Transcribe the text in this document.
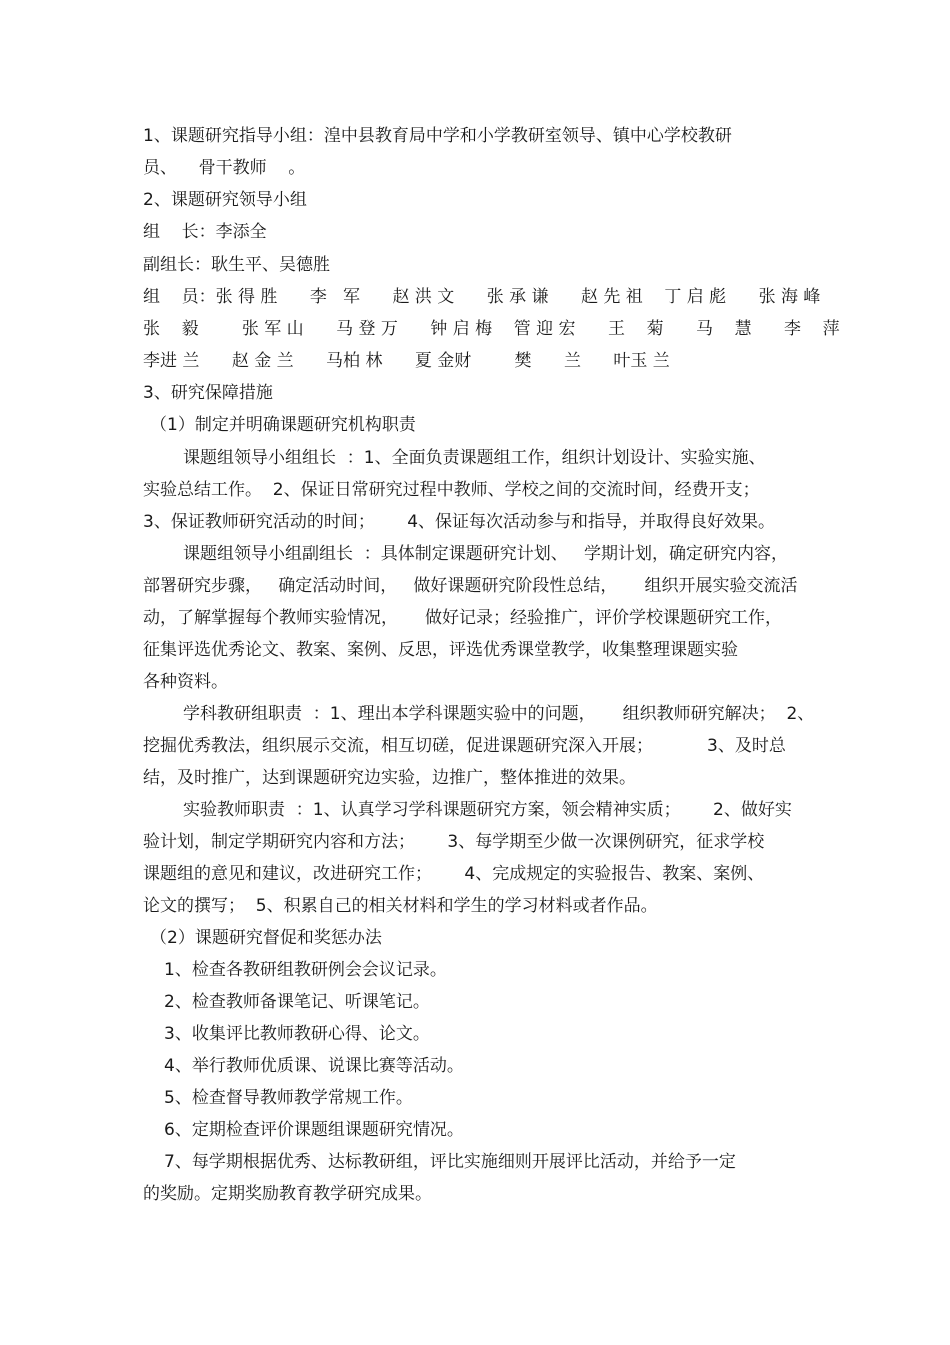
1、课题研究指导小组：湟中县教育局中学和小学教研室领导、镇中心学校教研

员、    骨干教师    。

2、课题研究领导小组

组    长：李添全

副组长：耿生平、吴德胜

组    员：张 得 胜      李   军      赵 洪 文      张 承 谦      赵 先 祖    丁 启 彪      张 海 峰

张    毅        张 军 山      马 登 万      钟 启 梅    管 迎 宏      王    菊      马    慧      李    萍

李进 兰      赵 金 兰      马柏 林      夏 金财        樊      兰      叶玉 兰

3、研究保障措施

（1）制定并明确课题研究机构职责

课题组领导小组组长  ：1、全面负责课题组工作，组织计划设计、实验实施、

实验总结工作。  2、保证日常研究过程中教师、学校之间的交流时间，经费开支；

3、保证教师研究活动的时间；      4、保证每次活动参与和指导，并取得良好效果。

课题组领导小组副组长  ：具体制定课题研究计划、   学期计划，确定研究内容，

部署研究步骤，   确定活动时间，   做好课题研究阶段性总结，     组织开展实验交流活

动，了解掌握每个教师实验情况，     做好记录；经验推广，评价学校课题研究工作，

征集评选优秀论文、教案、案例、反思，评选优秀课堂教学，收集整理课题实验

各种资料。

学科教研组职责  ：1、理出本学科课题实验中的问题，     组织教师研究解决；  2、

挖掘优秀教法，组织展示交流，相互切磋，促进课题研究深入开展；          3、及时总

结，及时推广，达到课题研究边实验，边推广，整体推进的效果。

实验教师职责  ：1、认真学习学科课题研究方案，领会精神实质；      2、做好实

验计划，制定学期研究内容和方法；      3、每学期至少做一次课例研究，征求学校

课题组的意见和建议，改进研究工作；      4、完成规定的实验报告、教案、案例、

论文的撰写；  5、积累自己的相关材料和学生的学习材料或者作品。

（2）课题研究督促和奖惩办法

1、检查各教研组教研例会会议记录。

2、检查教师备课笔记、听课笔记。

3、收集评比教师教研心得、论文。

4、举行教师优质课、说课比赛等活动。

5、检查督导教师教学常规工作。

6、定期检查评价课题组课题研究情况。

7、每学期根据优秀、达标教研组，评比实施细则开展评比活动，并给予一定

的奖励。定期奖励教育教学研究成果。
